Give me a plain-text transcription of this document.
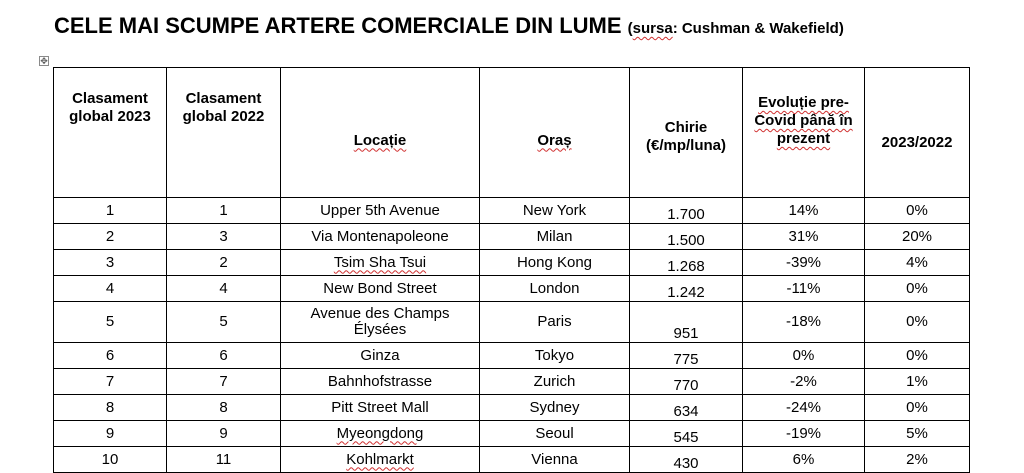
CELE MAI SCUMPE ARTERE COMERCIALE DIN LUME (sursa: Cushman & Wakefield)
✥
Clasament global 2023	Clasament global 2022	Locație	Oraș	Chirie (€/mp/luna)	Evoluție pre-Covid până în prezent	2023/2022
1	1	Upper 5th Avenue	New York	1.700	14%	0%
2	3	Via Montenapoleone	Milan	1.500	31%	20%
3	2	Tsim Sha Tsui	Hong Kong	1.268	-39%	4%
4	4	New Bond Street	London	1.242	-11%	0%
5	5	Avenue des Champs Élysées	Paris	951	-18%	0%
6	6	Ginza	Tokyo	775	0%	0%
7	7	Bahnhofstrasse	Zurich	770	-2%	1%
8	8	Pitt Street Mall	Sydney	634	-24%	0%
9	9	Myeongdong	Seoul	545	-19%	5%
10	11	Kohlmarkt	Vienna	430	6%	2%
